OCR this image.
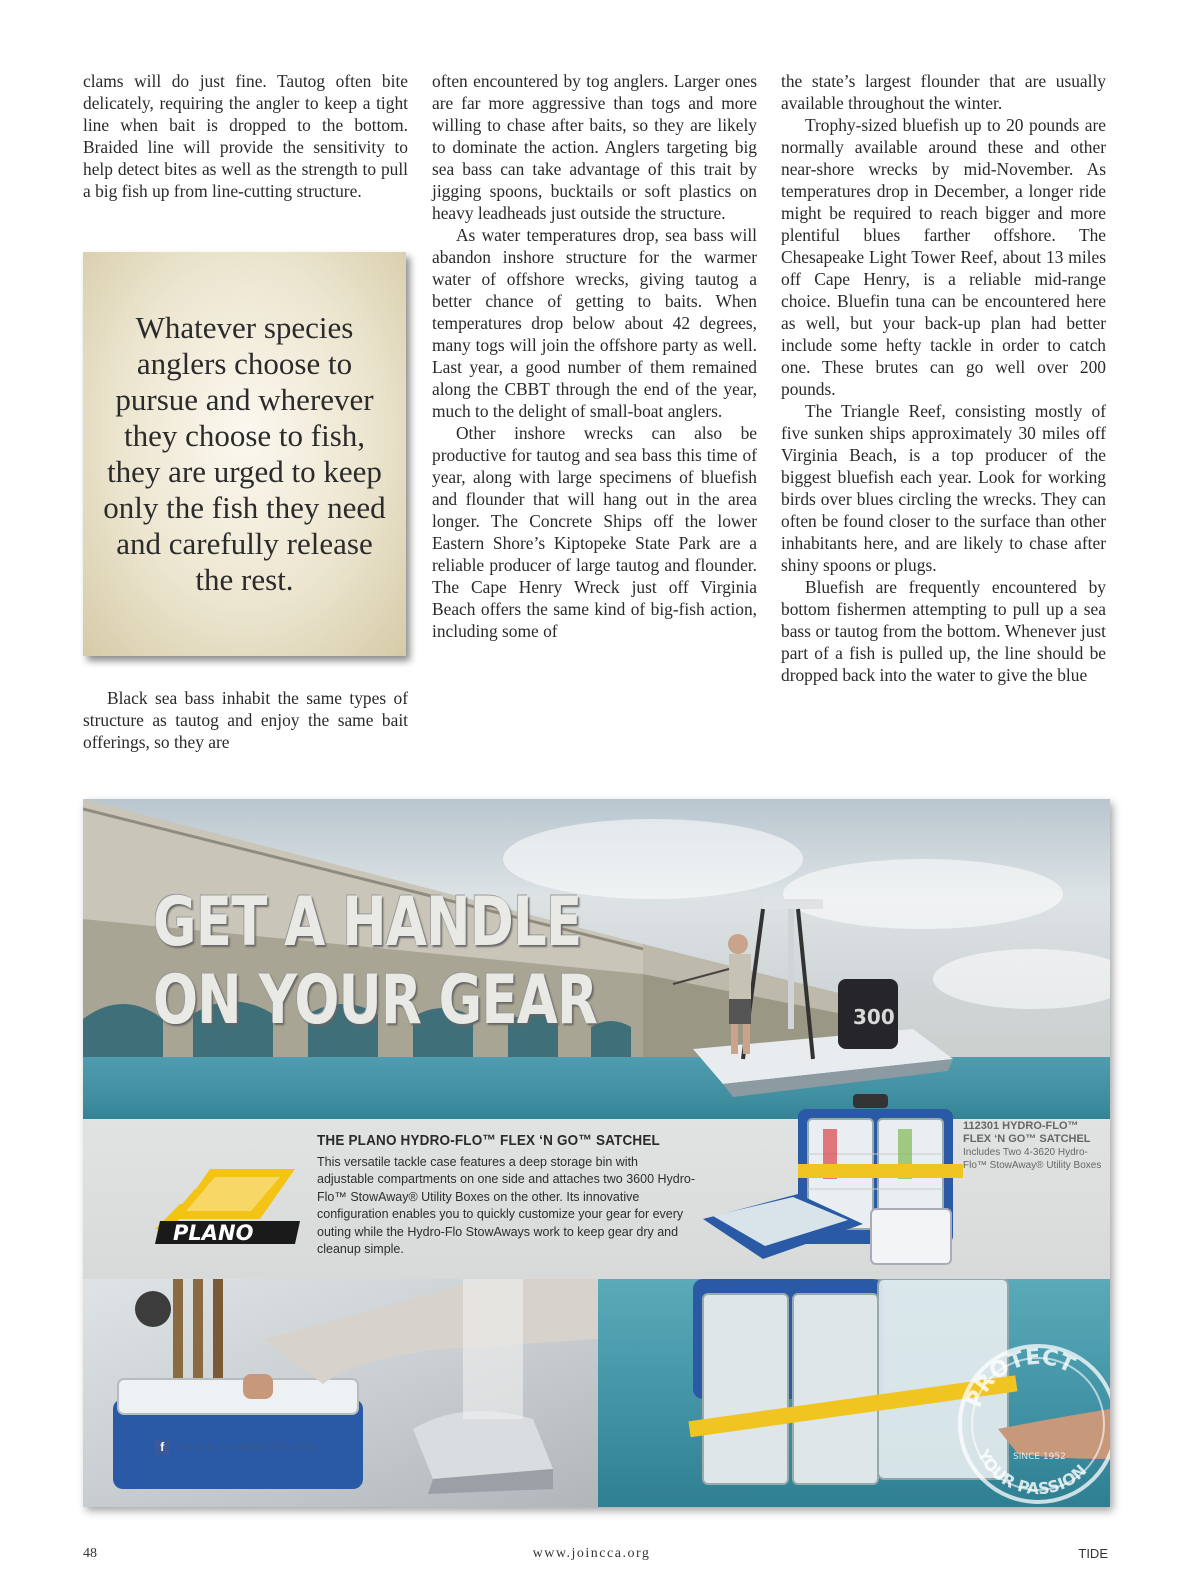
clams will do just fine. Tautog often bite delicately, requiring the angler to keep a tight line when bait is dropped to the bottom. Braided line will provide the sensitivity to help detect bites as well as the strength to pull a big fish up from line-cutting structure.

Whatever species anglers choose to pursue and wherever they choose to fish, they are urged to keep only the fish they need and carefully release the rest.

Black sea bass inhabit the same types of structure as tautog and enjoy the same bait offerings, so they are

often encountered by tog anglers. Larger ones are far more aggressive than togs and more willing to chase after baits, so they are likely to dominate the action. Anglers targeting big sea bass can take advantage of this trait by jigging spoons, bucktails or soft plastics on heavy leadheads just outside the structure.

As water temperatures drop, sea bass will abandon inshore structure for the warmer water of offshore wrecks, giving tautog a better chance of getting to baits. When temperatures drop below about 42 degrees, many togs will join the offshore party as well. Last year, a good number of them remained along the CBBT through the end of the year, much to the delight of small-boat anglers.

Other inshore wrecks can also be productive for tautog and sea bass this time of year, along with large specimens of bluefish and flounder that will hang out in the area longer. The Concrete Ships off the lower Eastern Shore’s Kiptopeke State Park are a reliable producer of large tautog and flounder. The Cape Henry Wreck just off Virginia Beach offers the same kind of big-fish action, including some of

the state’s largest flounder that are usually available throughout the winter.

Trophy-sized bluefish up to 20 pounds are normally available around these and other near-shore wrecks by mid-November. As temperatures drop in December, a longer ride might be required to reach bigger and more plentiful blues farther offshore. The Chesapeake Light Tower Reef, about 13 miles off Cape Henry, is a reliable mid-range choice. Bluefin tuna can be encountered here as well, but your back-up plan had better include some hefty tackle in order to catch one. These brutes can go well over 200 pounds.

The Triangle Reef, consisting mostly of five sunken ships approximately 30 miles off Virginia Beach, is a top producer of the biggest bluefish each year. Look for working birds over blues circling the wrecks. They can often be found closer to the surface than other inhabitants here, and are likely to chase after shiny spoons or plugs.

Bluefish are frequently encountered by bottom fishermen attempting to pull up a sea bass or tautog from the bottom. Whenever just part of a fish is pulled up, the line should be dropped back into the water to give the blue

300
GET A HANDLE
ON YOUR GEAR
PLANO
THE PLANO HYDRO-FLO™ FLEX ‘N GO™ SATCHEL
This versatile tackle case features a deep storage bin with adjustable compartments on one side and attaches two 3600 Hydro-Flo™ StowAway® Utility Boxes on the other. Its innovative configuration enables you to quickly customize your gear for every outing while the Hydro-Flo StowAways work to keep gear dry and cleanup simple.
112301 HYDRO-FLO™
FLEX ‘N GO™ SATCHEL
Includes Two 4-3620 Hydro-Flo™ StowAway® Utility Boxes
PROTECT
YOUR PASSION
SINCE 1952
f	WWW.PLANOMOLDING.COM
48	www.joincca.org	TIDE
